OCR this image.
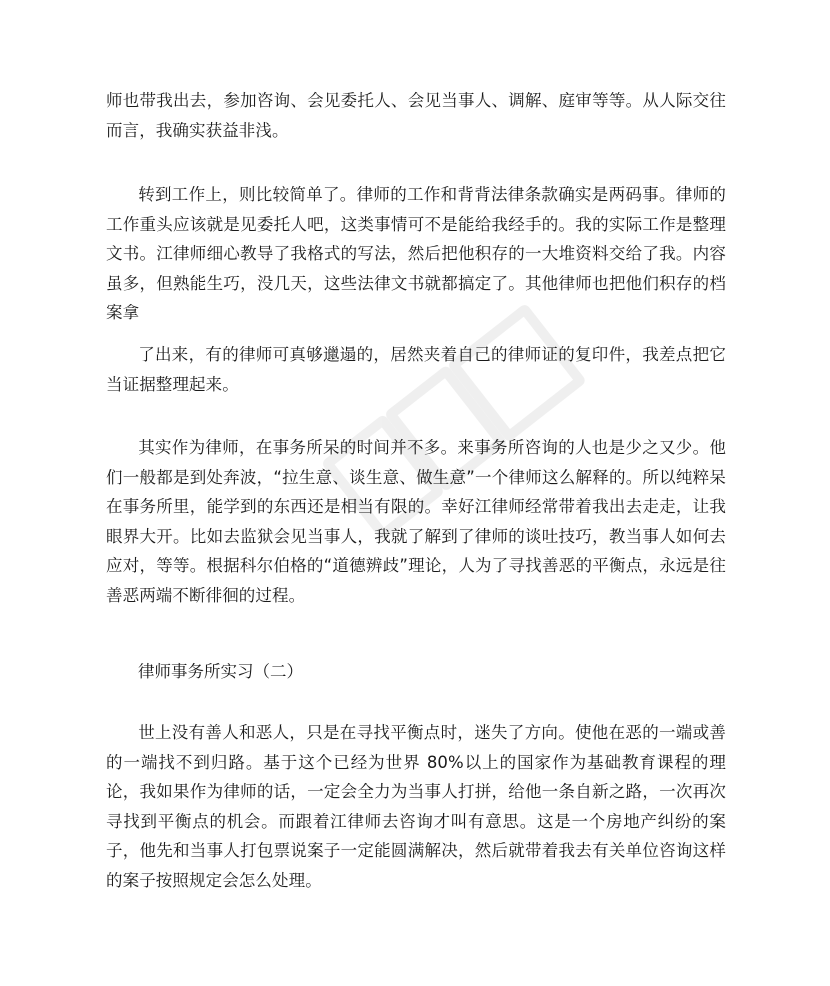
师也带我出去，参加咨询、会见委托人、会见当事人、调解、庭审等等。从人际交往而言，我确实获益非浅。

转到工作上，则比较简单了。律师的工作和背背法律条款确实是两码事。律师的工作重头应该就是见委托人吧，这类事情可不是能给我经手的。我的实际工作是整理文书。江律师细心教导了我格式的写法，然后把他积存的一大堆资料交给了我。内容虽多，但熟能生巧，没几天，这些法律文书就都搞定了。其他律师也把他们积存的档案拿

了出来，有的律师可真够邋遢的，居然夹着自己的律师证的复印件，我差点把它当证据整理起来。

其实作为律师，在事务所呆的时间并不多。来事务所咨询的人也是少之又少。他们一般都是到处奔波，“拉生意、谈生意、做生意”一个律师这么解释的。所以纯粹呆在事务所里，能学到的东西还是相当有限的。幸好江律师经常带着我出去走走，让我眼界大开。比如去监狱会见当事人，我就了解到了律师的谈吐技巧，教当事人如何去应对，等等。根据科尔伯格的“道德辨歧”理论，人为了寻找善恶的平衡点，永远是往善恶两端不断徘徊的过程。

律师事务所实习（二）

世上没有善人和恶人，只是在寻找平衡点时，迷失了方向。使他在恶的一端或善的一端找不到归路。基于这个已经为世界 80%以上的国家作为基础教育课程的理论，我如果作为律师的话，一定会全力为当事人打拼，给他一条自新之路，一次再次寻找到平衡点的机会。而跟着江律师去咨询才叫有意思。这是一个房地产纠纷的案子，他先和当事人打包票说案子一定能圆满解决，然后就带着我去有关单位咨询这样的案子按照规定会怎么处理。
